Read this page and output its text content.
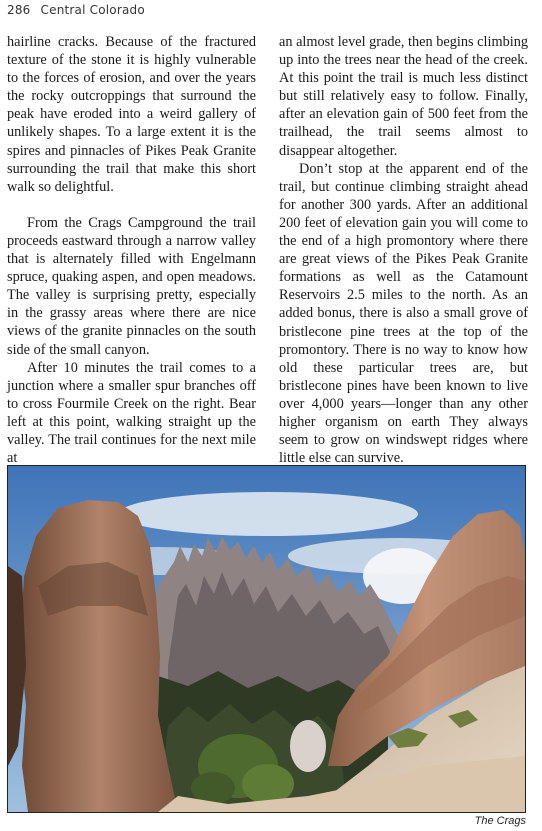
286 Central Colorado

hairline cracks. Because of the fractured texture of the stone it is highly vulnerable to the forces of erosion, and over the years the rocky outcroppings that surround the peak have eroded into a weird gallery of unlikely shapes. To a large extent it is the spires and pinnacles of Pikes Peak Granite surrounding the trail that make this short walk so delightful.

From the Crags Campground the trail proceeds eastward through a narrow valley that is alternately filled with Engelmann spruce, quaking aspen, and open meadows. The valley is surprising pretty, especially in the grassy areas where there are nice views of the granite pinnacles on the south side of the small canyon.

After 10 minutes the trail comes to a junction where a smaller spur branches off to cross Fourmile Creek on the right. Bear left at this point, walking straight up the valley. The trail continues for the next mile at

an almost level grade, then begins climbing up into the trees near the head of the creek. At this point the trail is much less distinct but still relatively easy to follow. Finally, after an elevation gain of 500 feet from the trailhead, the trail seems almost to disappear altogether.

Don’t stop at the apparent end of the trail, but continue climbing straight ahead for another 300 yards. After an additional 200 feet of elevation gain you will come to the end of a high promontory where there are great views of the Pikes Peak Granite formations as well as the Catamount Reservoirs 2.5 miles to the north. As an added bonus, there is also a small grove of bristlecone pine trees at the top of the promontory. There is no way to know how old these particular trees are, but bristlecone pines have been known to live over 4,000 years—longer than any other higher organism on earth They always seem to grow on windswept ridges where little else can survive.

The Crags
